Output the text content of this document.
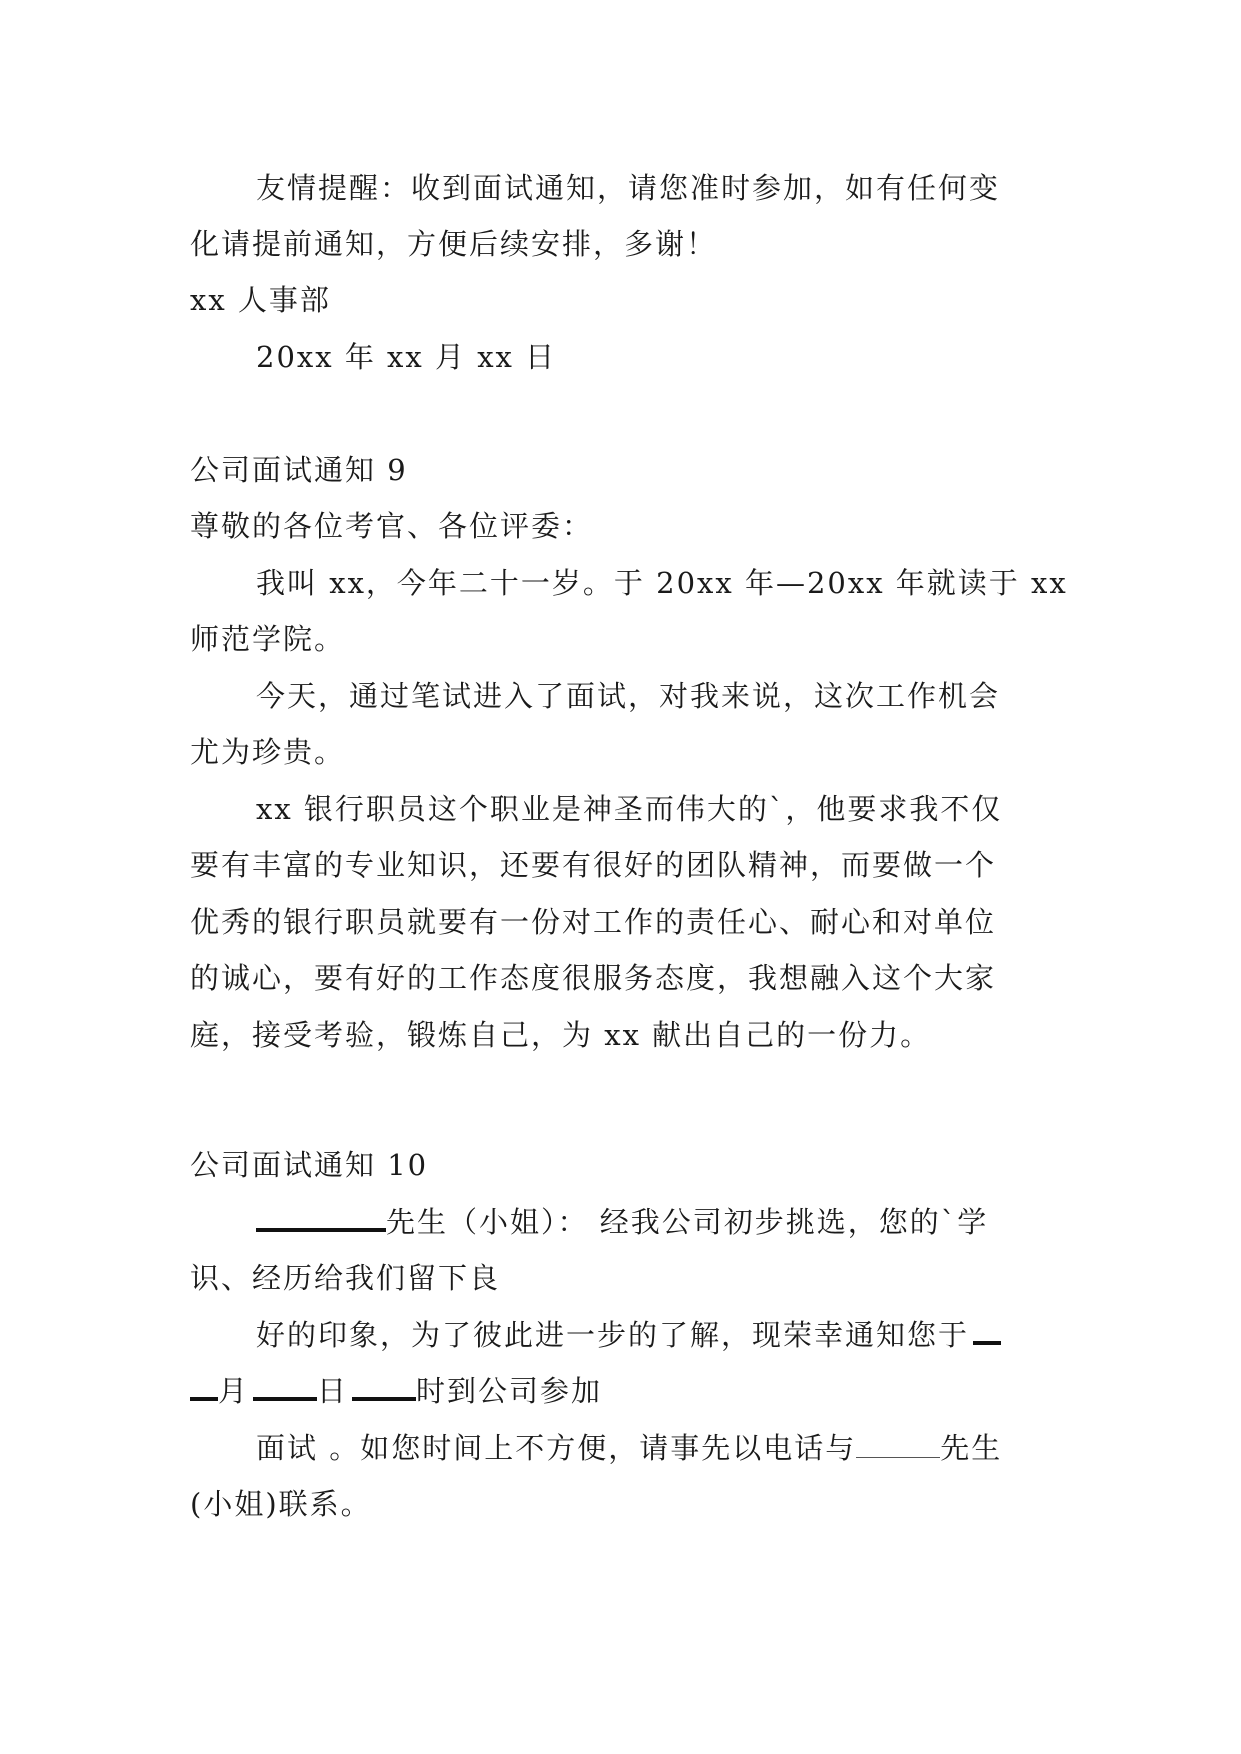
友情提醒：收到面试通知，请您准时参加，如有任何变
化请提前通知，方便后续安排，多谢！
xx 人事部
20xx 年 xx 月 xx 日
公司面试通知 9
尊敬的各位考官、各位评委：
我叫 xx，今年二十一岁。于 20xx 年—20xx 年就读于 xx
师范学院。
今天，通过笔试进入了面试，对我来说，这次工作机会
尤为珍贵。
xx 银行职员这个职业是神圣而伟大的`，他要求我不仅
要有丰富的专业知识，还要有很好的团队精神，而要做一个
优秀的银行职员就要有一份对工作的责任心、耐心和对单位
的诚心，要有好的工作态度很服务态度，我想融入这个大家
庭，接受考验，锻炼自己，为 xx 献出自己的一份力。
公司面试通知 10
先生（小姐）： 经我公司初步挑选，您的`学
识、经历给我们留下良
好的印象，为了彼此进一步的了解，现荣幸通知您于
月 日 时到公司参加
面试 。如您时间上不方便，请事先以电话与	先生
(小姐)联系。
